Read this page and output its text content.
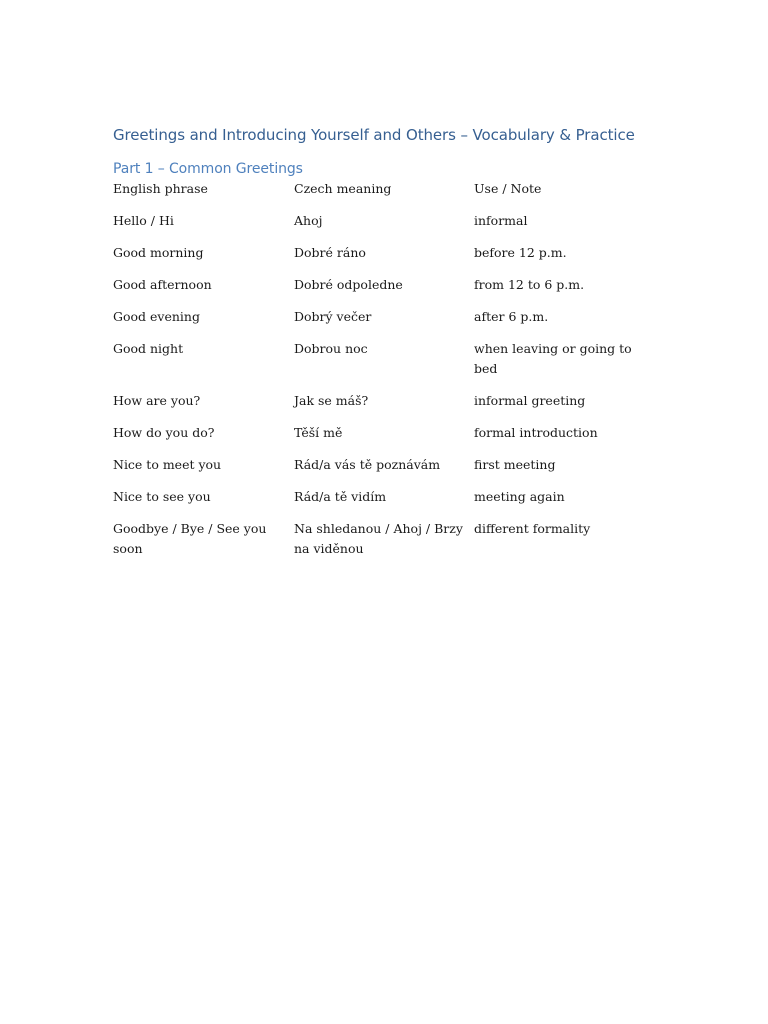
Greetings and Introducing Yourself and Others – Vocabulary & Practice
Part 1 – Common Greetings
English phrase	Czech meaning	Use / Note
Hello / Hi	Ahoj	informal
Good morning	Dobré ráno	before 12 p.m.
Good afternoon	Dobré odpoledne	from 12 to 6 p.m.
Good evening	Dobrý večer	after 6 p.m.
Good night	Dobrou noc	when leaving or going to bed
How are you?	Jak se máš?	informal greeting
How do you do?	Těší mě	formal introduction
Nice to meet you	Rád/a vás tě poznávám	first meeting
Nice to see you	Rád/a tě vidím	meeting again
Goodbye / Bye / See you soon	Na shledanou / Ahoj / Brzy na viděnou	different formality
